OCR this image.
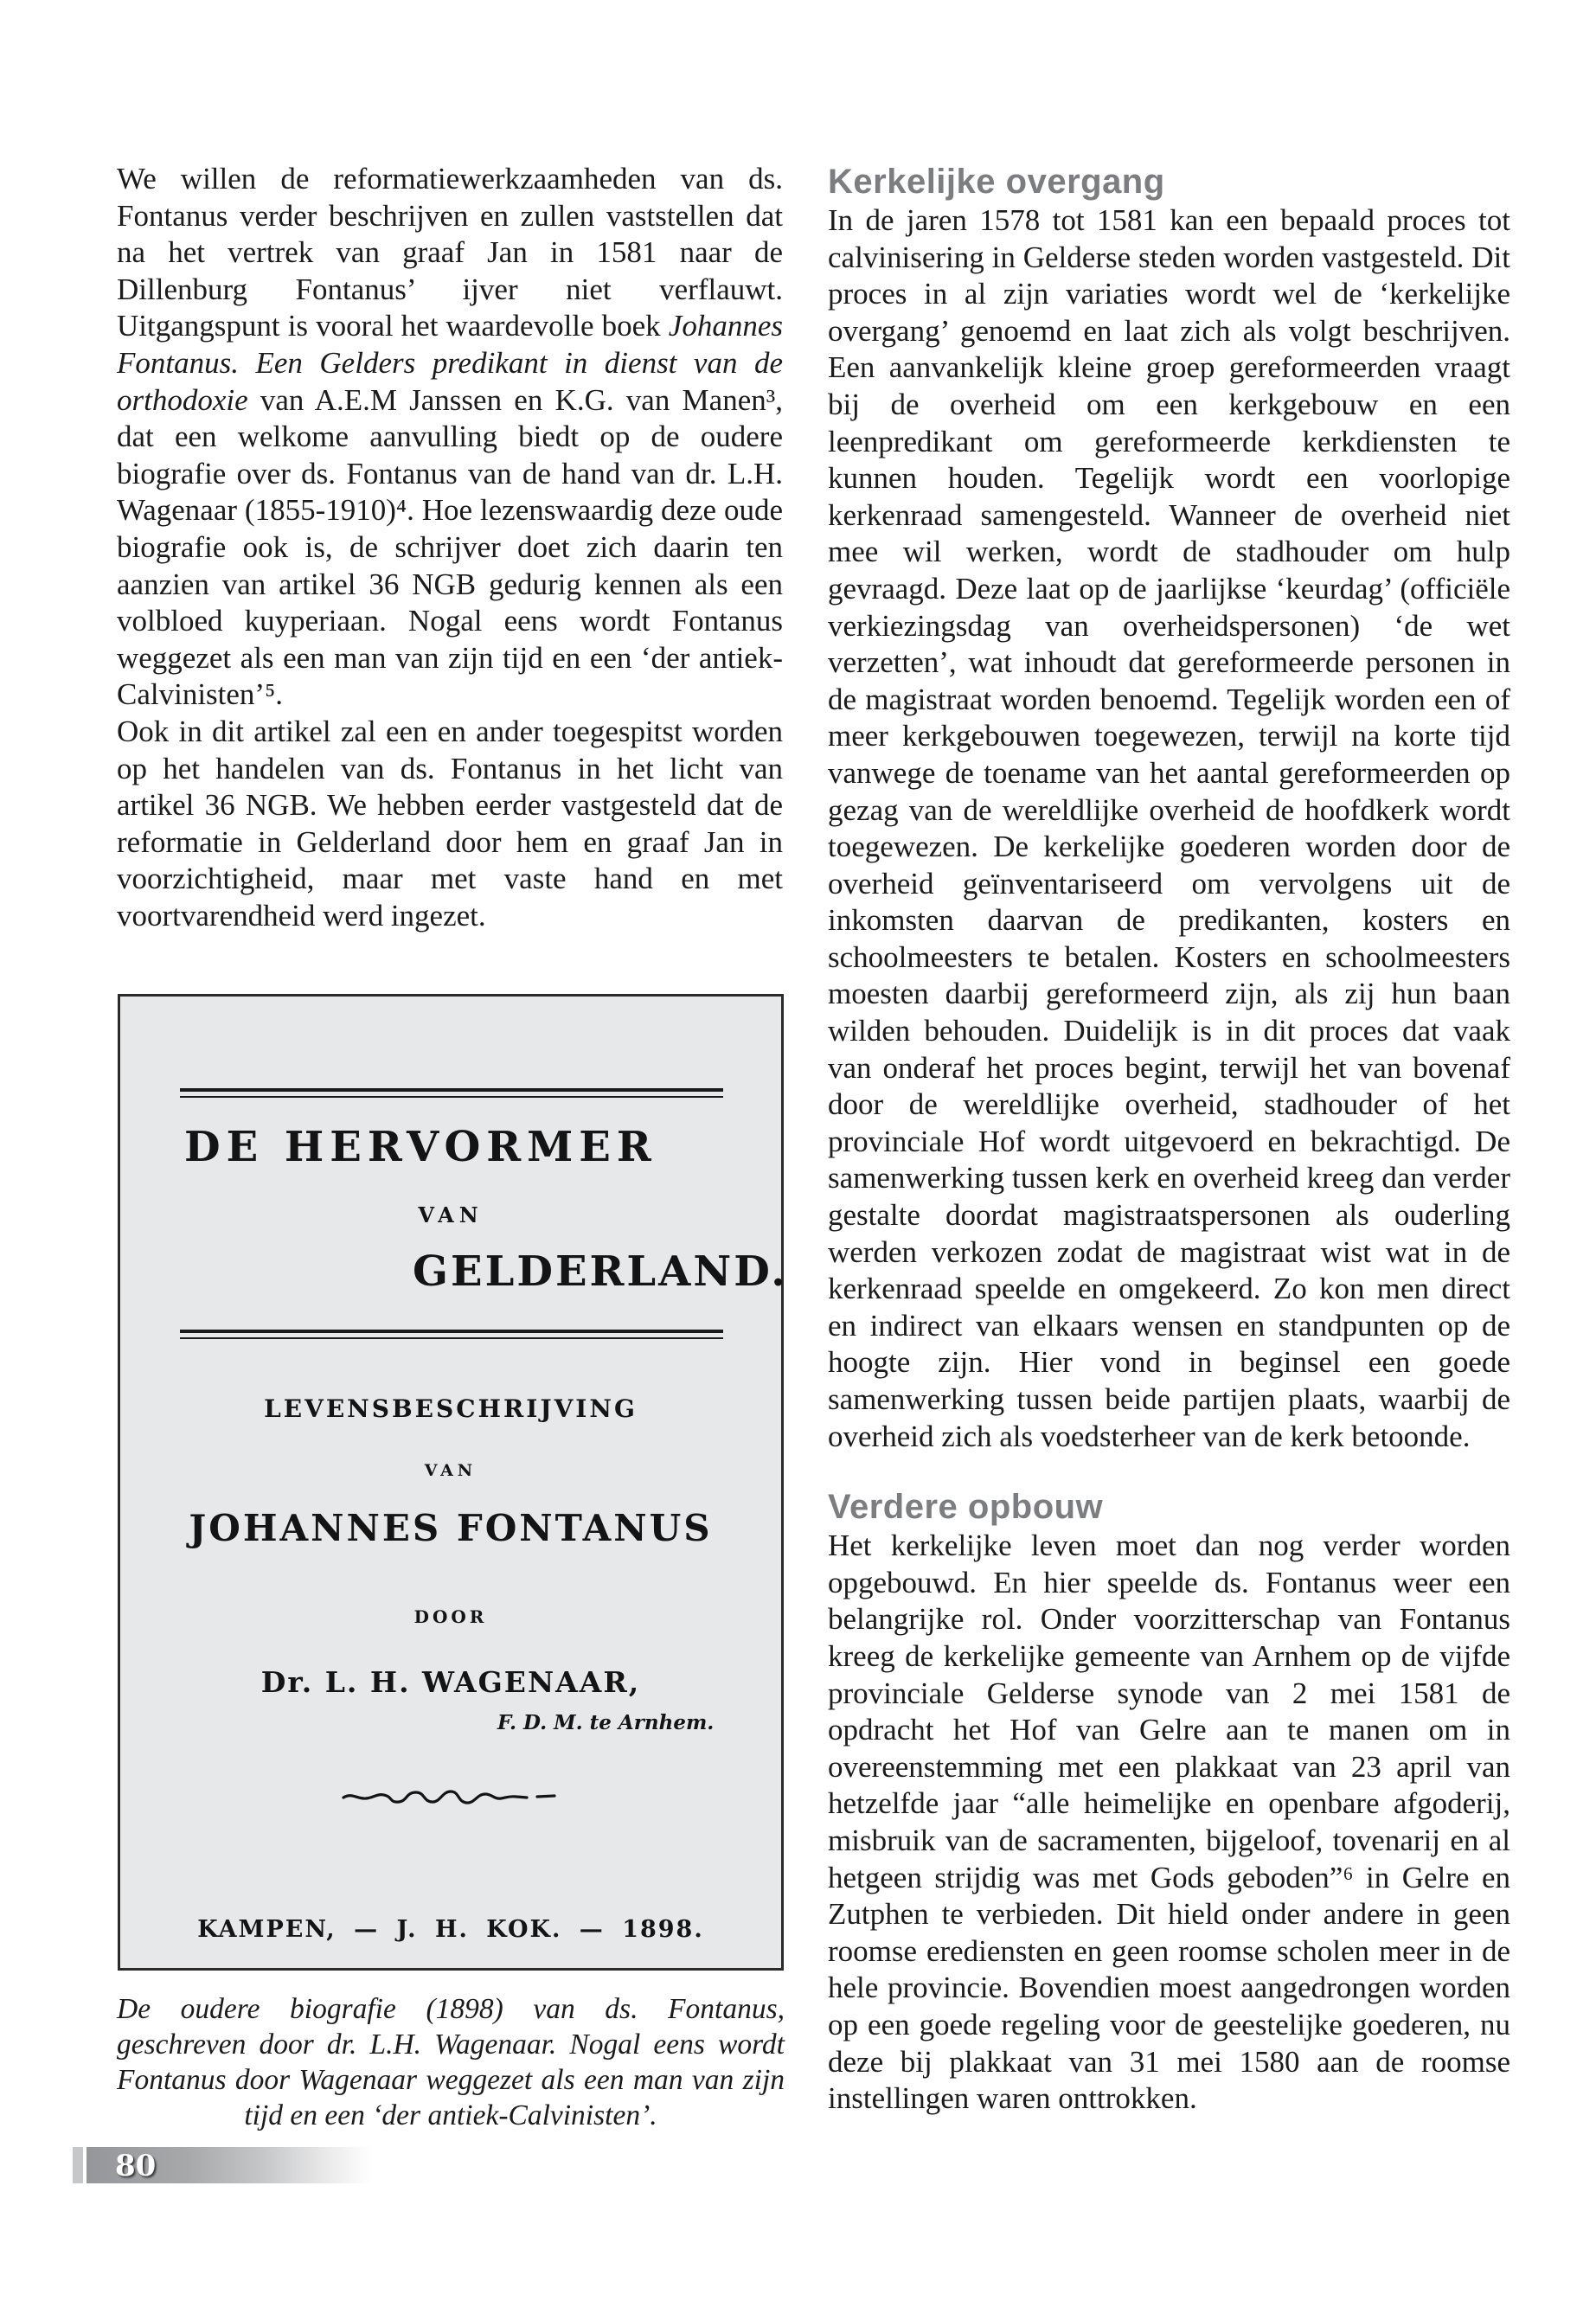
We willen de reformatiewerkzaamheden van ds. Fontanus verder beschrijven en zullen vaststellen dat na het vertrek van graaf Jan in 1581 naar de Dillenburg Fontanus’ ijver niet verflauwt. Uitgangspunt is vooral het waardevolle boek Johannes Fontanus. Een Gelders predikant in dienst van de orthodoxie van A.E.M Janssen en K.G. van Manen³, dat een welkome aanvulling biedt op de oudere biografie over ds. Fontanus van de hand van dr. L.H. Wagenaar (1855-1910)⁴. Hoe lezenswaardig deze oude biografie ook is, de schrijver doet zich daarin ten aanzien van artikel 36 NGB gedurig kennen als een volbloed kuyperiaan. Nogal eens wordt Fontanus weggezet als een man van zijn tijd en een ‘der antiek-Calvinisten’⁵.

Ook in dit artikel zal een en ander toegespitst worden op het handelen van ds. Fontanus in het licht van artikel 36 NGB. We hebben eerder vastgesteld dat de reformatie in Gelderland door hem en graaf Jan in voorzichtigheid, maar met vaste hand en met voortvarendheid werd ingezet.

DE HERVORMER
VAN
GELDERLAND.
LEVENSBESCHRIJVING
VAN
JOHANNES FONTANUS
DOOR
Dr. L. H. WAGENAAR,
F. D. M. te Arnhem.
KAMPEN, — J. H. KOK. — 1898.

De oudere biografie (1898) van ds. Fontanus, geschreven door dr. L.H. Wagenaar. Nogal eens wordt Fontanus door Wagenaar weggezet als een man van zijn tijd en een ‘der antiek-Calvinisten’.

Kerkelijke overgang

In de jaren 1578 tot 1581 kan een bepaald proces tot calvinisering in Gelderse steden worden vastgesteld. Dit proces in al zijn variaties wordt wel de ‘kerkelijke overgang’ genoemd en laat zich als volgt beschrijven. Een aanvankelijk kleine groep gereformeerden vraagt bij de overheid om een kerkgebouw en een leenpredikant om gereformeerde kerkdiensten te kunnen houden. Tegelijk wordt een voorlopige kerkenraad samengesteld. Wanneer de overheid niet mee wil werken, wordt de stadhouder om hulp gevraagd. Deze laat op de jaarlijkse ‘keurdag’ (officiële verkiezingsdag van overheidspersonen) ‘de wet verzetten’, wat inhoudt dat gereformeerde personen in de magistraat worden benoemd. Tegelijk worden een of meer kerkgebouwen toegewezen, terwijl na korte tijd vanwege de toename van het aantal gereformeerden op gezag van de wereldlijke overheid de hoofdkerk wordt toegewezen. De kerkelijke goederen worden door de overheid geïnventariseerd om vervolgens uit de inkomsten daarvan de predikanten, kosters en schoolmeesters te betalen. Kosters en schoolmeesters moesten daarbij gereformeerd zijn, als zij hun baan wilden behouden. Duidelijk is in dit proces dat vaak van onderaf het proces begint, terwijl het van bovenaf door de wereldlijke overheid, stadhouder of het provinciale Hof wordt uitgevoerd en bekrachtigd. De samenwerking tussen kerk en overheid kreeg dan verder gestalte doordat magistraatspersonen als ouderling werden verkozen zodat de magistraat wist wat in de kerkenraad speelde en omgekeerd. Zo kon men direct en indirect van elkaars wensen en standpunten op de hoogte zijn. Hier vond in beginsel een goede samenwerking tussen beide partijen plaats, waarbij de overheid zich als voedsterheer van de kerk betoonde.

Verdere opbouw

Het kerkelijke leven moet dan nog verder worden opgebouwd. En hier speelde ds. Fontanus weer een belangrijke rol. Onder voorzitterschap van Fontanus kreeg de kerkelijke gemeente van Arnhem op de vijfde provinciale Gelderse synode van 2 mei 1581 de opdracht het Hof van Gelre aan te manen om in overeenstemming met een plakkaat van 23 april van hetzelfde jaar “alle heimelijke en openbare afgoderij, misbruik van de sacramenten, bijgeloof, tovenarij en al hetgeen strijdig was met Gods geboden”⁶ in Gelre en Zutphen te verbieden. Dit hield onder andere in geen roomse erediensten en geen roomse scholen meer in de hele provincie. Bovendien moest aangedrongen worden op een goede regeling voor de geestelijke goederen, nu deze bij plakkaat van 31 mei 1580 aan de roomse instellingen waren onttrokken.

80
